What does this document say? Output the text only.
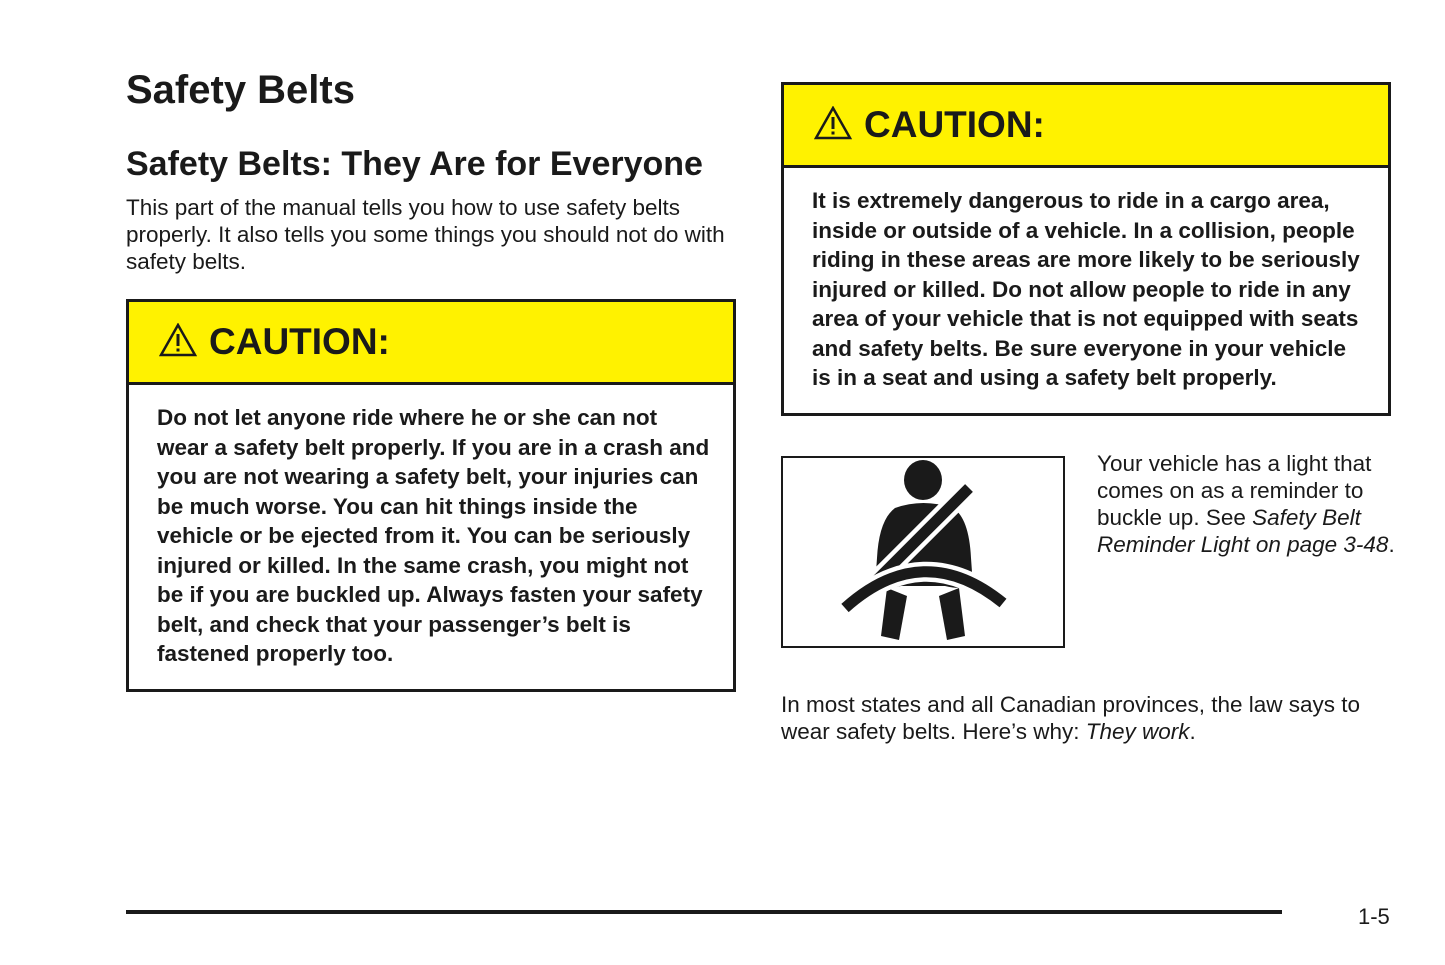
Safety Belts
Safety Belts: They Are for Everyone

This part of the manual tells you how to use safety belts properly. It also tells you some things you should not do with safety belts.

CAUTION:
Do not let anyone ride where he or she can not wear a safety belt properly. If you are in a crash and you are not wearing a safety belt, your injuries can be much worse. You can hit things inside the vehicle or be ejected from it. You can be seriously injured or killed. In the same crash, you might not be if you are buckled up. Always fasten your safety belt, and check that your passenger’s belt is fastened properly too.
CAUTION:
It is extremely dangerous to ride in a cargo area, inside or outside of a vehicle. In a collision, people riding in these areas are more likely to be seriously injured or killed. Do not allow people to ride in any area of your vehicle that is not equipped with seats and safety belts. Be sure everyone in your vehicle is in a seat and using a safety belt properly.

Your vehicle has a light that comes on as a reminder to buckle up. See Safety Belt Reminder Light on page 3-48.

In most states and all Canadian provinces, the law says to wear safety belts. Here’s why: They work.

1-5
